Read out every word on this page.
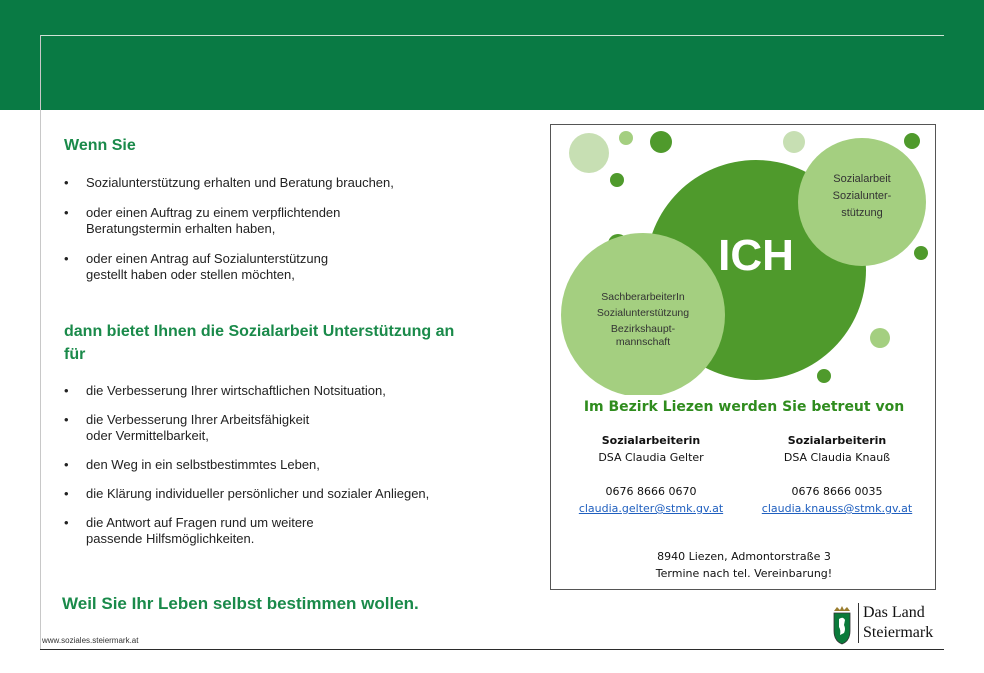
Wenn Sie
• Sozialunterstützung erhalten und Beratung brauchen,
• oder einen Auftrag zu einem verpflichtenden
Beratungstermin erhalten haben,
• oder einen Antrag auf Sozialunterstützung
gestellt haben oder stellen möchten,
dann bietet Ihnen die Sozialarbeit Unterstützung an für
• die Verbesserung Ihrer wirtschaftlichen Notsituation,
• die Verbesserung Ihrer Arbeitsfähigkeit
oder Vermittelbarkeit,
• den Weg in ein selbstbestimmtes Leben,
• die Klärung individueller persönlicher und sozialer Anliegen,
• die Antwort auf Fragen rund um weitere
passende Hilfsmöglichkeiten.
Weil Sie Ihr Leben selbst bestimmen wollen.
www.soziales.steiermark.at
ICH
Sozialarbeit
Sozialunter-
stützung
SachberarbeiterIn
Sozialunterstützung
Bezirkshaupt-
mannschaft
Im Bezirk Liezen werden Sie betreut von
Sozialarbeiterin
DSA Claudia Gelter
0676 8666 0670
claudia.gelter@stmk.gv.at
Sozialarbeiterin
DSA Claudia Knauß
0676 8666 0035
claudia.knauss@stmk.gv.at
8940 Liezen, Admontorstraße 3
Termine nach tel. Vereinbarung!
Das Land
Steiermark
